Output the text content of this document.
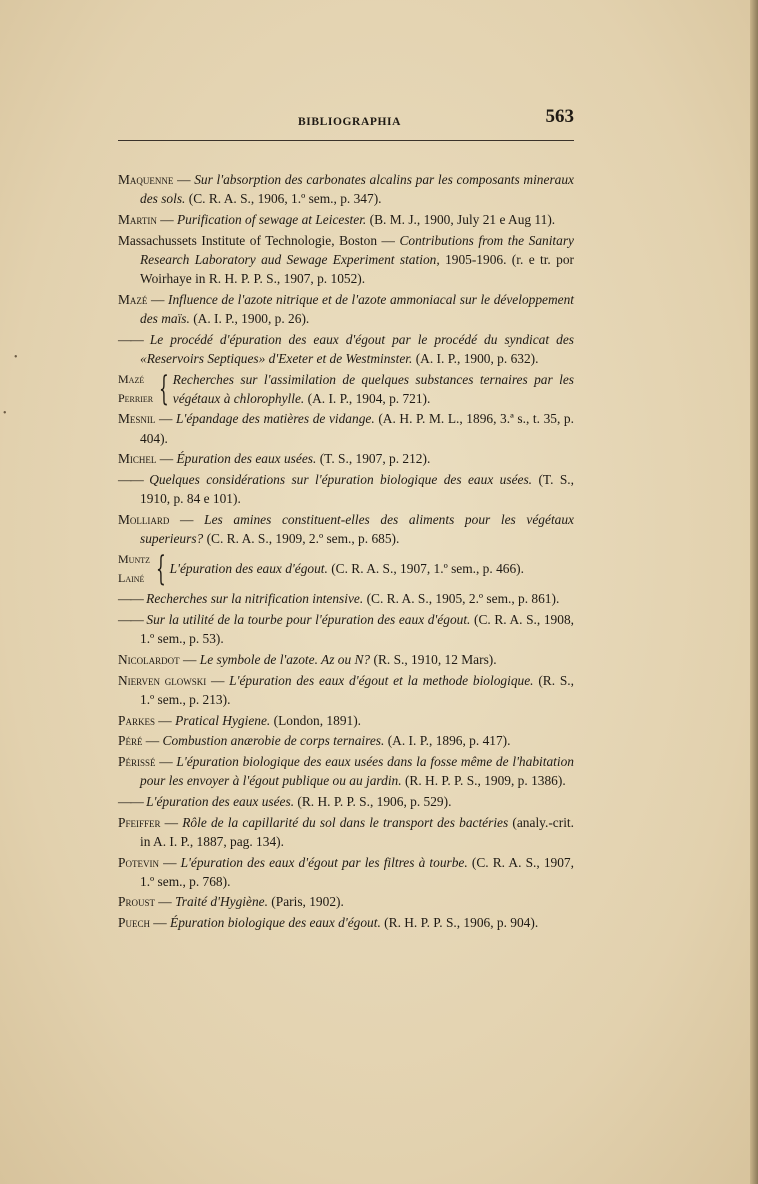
BIBLIOGRAPHIA	563

Maquenne — Sur l'absorption des carbonates alcalins par les composants mineraux des sols. (C. R. A. S., 1906, 1.º sem., p. 347).

Martin — Purification of sewage at Leicester. (B. M. J., 1900, July 21 e Aug 11).

Massachussets Institute of Technologie, Boston — Contributions from the Sanitary Research Laboratory aud Sewage Experiment station, 1905-1906. (r. e tr. por Woirhaye in R. H. P. P. S., 1907, p. 1052).

Mazé — Influence de l'azote nitrique et de l'azote ammoniacal sur le développement des maïs. (A. I. P., 1900, p. 26).

—— Le procédé d'épuration des eaux d'égout par le procédé du syndicat des «Reservoirs Septiques» d'Exeter et de Westminster. (A. I. P., 1900, p. 632).

Mazé
Perrier { Recherches sur l'assimilation de quelques substances ternaires par les végétaux à chlorophylle. (A. I. P., 1904, p. 721).

Mesnil — L'épandage des matières de vidange. (A. H. P. M. L., 1896, 3.ª s., t. 35, p. 404).

Michel — Épuration des eaux usées. (T. S., 1907, p. 212).

—— Quelques considérations sur l'épuration biologique des eaux usées. (T. S., 1910, p. 84 e 101).

Molliard — Les amines constituent-elles des aliments pour les végétaux superieurs? (C. R. A. S., 1909, 2.º sem., p. 685).

Muntz
Lainé { L'épuration des eaux d'égout. (C. R. A. S., 1907, 1.º sem., p. 466).

—— Recherches sur la nitrification intensive. (C. R. A. S., 1905, 2.º sem., p. 861).

—— Sur la utilité de la tourbe pour l'épuration des eaux d'égout. (C. R. A. S., 1908, 1.º sem., p. 53).

Nicolardot — Le symbole de l'azote. Az ou N? (R. S., 1910, 12 Mars).

Nierven glowski — L'épuration des eaux d'égout et la methode biologique. (R. S., 1.º sem., p. 213).

Parkes — Pratical Hygiene. (London, 1891).

Péré — Combustion anærobie de corps ternaires. (A. I. P., 1896, p. 417).

Périssé — L'épuration biologique des eaux usées dans la fosse même de l'habitation pour les envoyer à l'égout publique ou au jardin. (R. H. P. P. S., 1909, p. 1386).

—— L'épuration des eaux usées. (R. H. P. P. S., 1906, p. 529).

Pfeiffer — Rôle de la capillarité du sol dans le transport des bactéries (analy.-crit. in A. I. P., 1887, pag. 134).

Potevin — L'épuration des eaux d'égout par les filtres à tourbe. (C. R. A. S., 1907, 1.º sem., p. 768).

Proust — Traité d'Hygiène. (Paris, 1902).

Puech — Épuration biologique des eaux d'égout. (R. H. P. P. S., 1906, p. 904).

•
•
